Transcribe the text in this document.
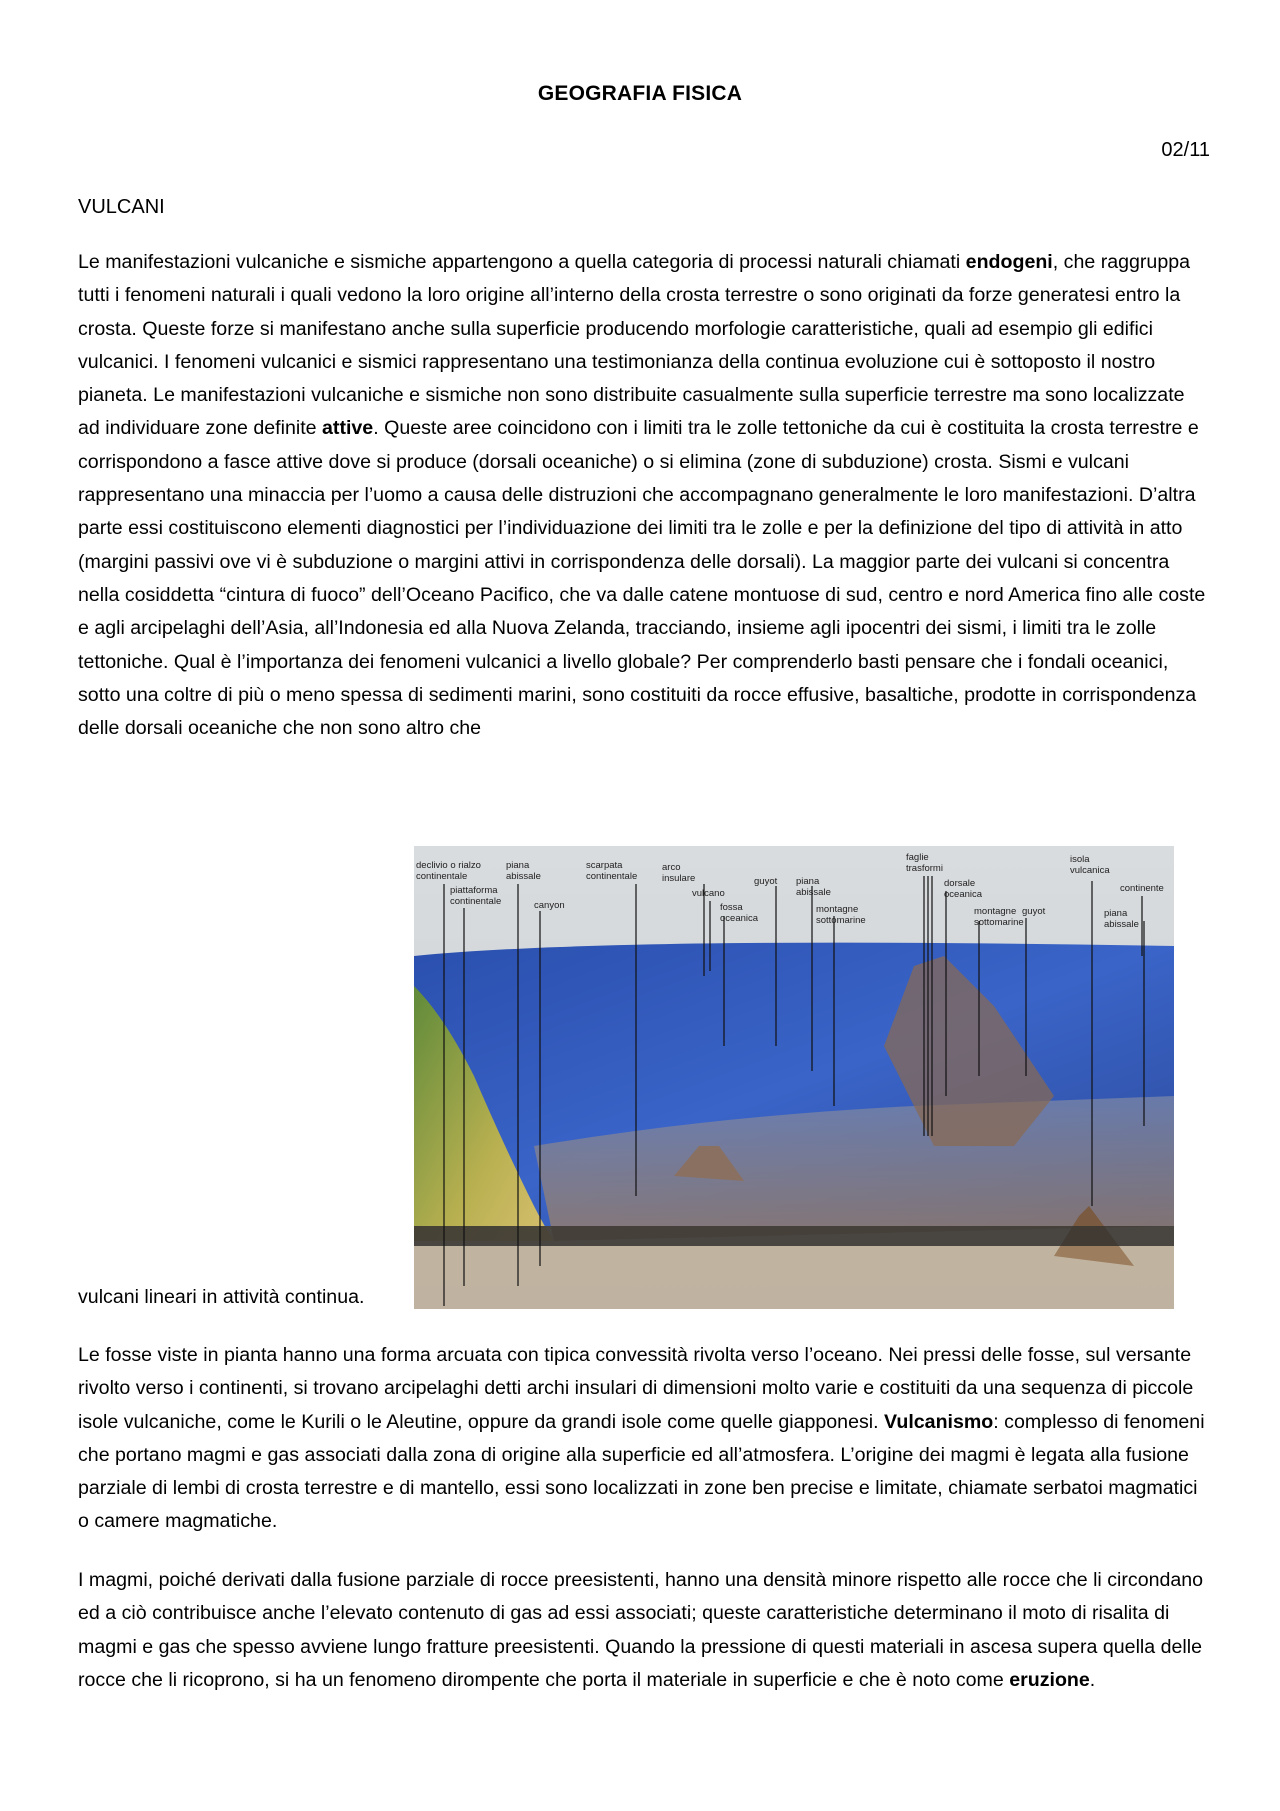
GEOGRAFIA FISICA
02/11
VULCANI

Le manifestazioni vulcaniche e sismiche appartengono a quella categoria di processi naturali chiamati endogeni, che raggruppa tutti i fenomeni naturali i quali vedono la loro origine all’interno della crosta terrestre o sono originati da forze generatesi entro la crosta. Queste forze si manifestano anche sulla superficie producendo morfologie caratteristiche, quali ad esempio gli edifici vulcanici. I fenomeni vulcanici e sismici rappresentano una testimonianza della continua evoluzione cui è sottoposto il nostro pianeta. Le manifestazioni vulcaniche e sismiche non sono distribuite casualmente sulla superficie terrestre ma sono localizzate ad individuare zone definite attive. Queste aree coincidono con i limiti tra le zolle tettoniche da cui è costituita la crosta terrestre e corrispondono a fasce attive dove si produce (dorsali oceaniche) o si elimina (zone di subduzione) crosta. Sismi e vulcani rappresentano una minaccia per l’uomo a causa delle distruzioni che accompagnano generalmente le loro manifestazioni. D’altra parte essi costituiscono elementi diagnostici per l’individuazione dei limiti tra le zolle e per la definizione del tipo di attività in atto (margini passivi ove vi è subduzione o margini attivi in corrispondenza delle dorsali). La maggior parte dei vulcani si concentra nella cosiddetta “cintura di fuoco” dell’Oceano Pacifico, che va dalle catene montuose di sud, centro e nord America fino alle coste e agli arcipelaghi dell’Asia, all’Indonesia ed alla Nuova Zelanda, tracciando, insieme agli ipocentri dei sismi, i limiti tra le zolle tettoniche. Qual è l’importanza dei fenomeni vulcanici a livello globale? Per comprenderlo basti pensare che i fondali oceanici, sotto una coltre di più o meno spessa di sedimenti marini, sono costituiti da rocce effusive, basaltiche, prodotte in corrispondenza delle dorsali oceaniche che non sono altro che

vulcani lineari in attività continua.
declivio o rialzo
continentale
piattaforma
continentale
piana
abissale
canyon
scarpata
continentale
arco
insulare
vulcano
fossa
oceanica
guyot piana
abissale
montagne
sottomarine
faglie
trasformi
dorsale
oceanica
montagne
sottomarine
guyot
isola
vulcanica
continente
piana
abissale

Le fosse viste in pianta hanno una forma arcuata con tipica convessità rivolta verso l’oceano. Nei pressi delle fosse, sul versante rivolto verso i continenti, si trovano arcipelaghi detti archi insulari di dimensioni molto varie e costituiti da una sequenza di piccole isole vulcaniche, come le Kurili o le Aleutine, oppure da grandi isole come quelle giapponesi. Vulcanismo: complesso di fenomeni che portano magmi e gas associati dalla zona di origine alla superficie ed all’atmosfera. L’origine dei magmi è legata alla fusione parziale di lembi di crosta terrestre e di mantello, essi sono localizzati in zone ben precise e limitate, chiamate serbatoi magmatici o camere magmatiche.

I magmi, poiché derivati dalla fusione parziale di rocce preesistenti, hanno una densità minore rispetto alle rocce che li circondano ed a ciò contribuisce anche l’elevato contenuto di gas ad essi associati; queste caratteristiche determinano il moto di risalita di magmi e gas che spesso avviene lungo fratture preesistenti. Quando la pressione di questi materiali in ascesa supera quella delle rocce che li ricoprono, si ha un fenomeno dirompente che porta il materiale in superficie e che è noto come eruzione.
